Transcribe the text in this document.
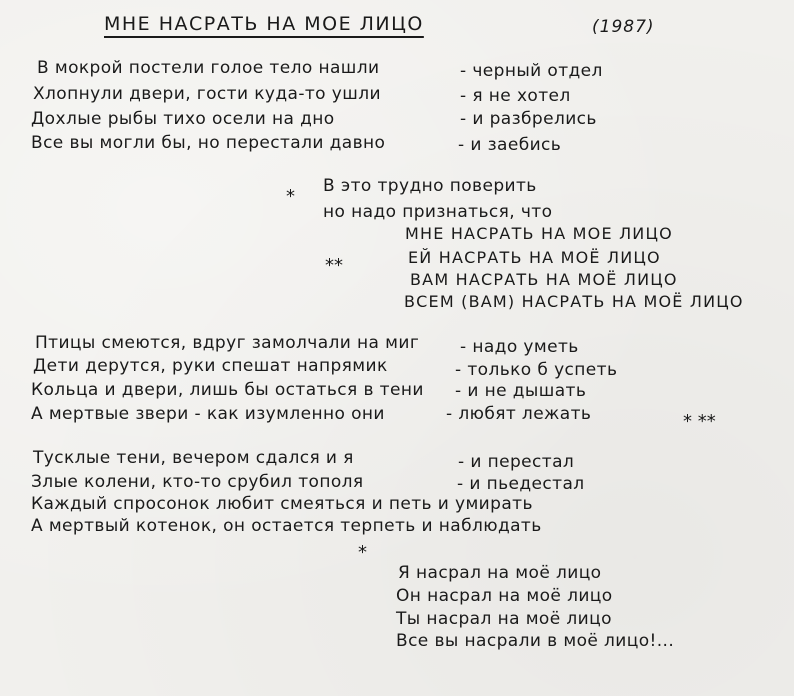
МНЕ НАСРАТЬ НА МОЕ ЛИЦО	(1987)
В мокрой постели голое тело нашли
Хлопнули двери, гости куда-то ушли
Дохлые рыбы тихо осели на дно
Все вы могли бы, но перестали давно
- черный отдел
- я не хотел
- и разбрелись
- и заебись
* В это трудно поверить
но надо признаться, что
МНЕ НАСРАТЬ НА МОЕ ЛИЦО
ЕЙ НАСРАТЬ НА МОЁ ЛИЦО
**
ВАМ НАСРАТЬ НА МОЁ ЛИЦО
ВСЕМ (ВАМ) НАСРАТЬ НА МОЁ ЛИЦО
Птицы смеются, вдруг замолчали на миг
Дети дерутся, руки спешат напрямик
Кольца и двери, лишь бы остаться в тени
А мертвые звери - как изумленно они
- надо уметь
- только б успеть
- и не дышать
- любят лежать	* **
Тусклые тени, вечером сдался и я
Злые колени, кто-то срубил тополя
Каждый спросонок любит смеяться и петь и умирать
А мертвый котенок, он остается терпеть и наблюдать
- и перестал
- и пьедестал
*
Я насрал на моё лицо
Он насрал на моё лицо
Ты насрал на моё лицо
Все вы насрали в моё лицо!...
